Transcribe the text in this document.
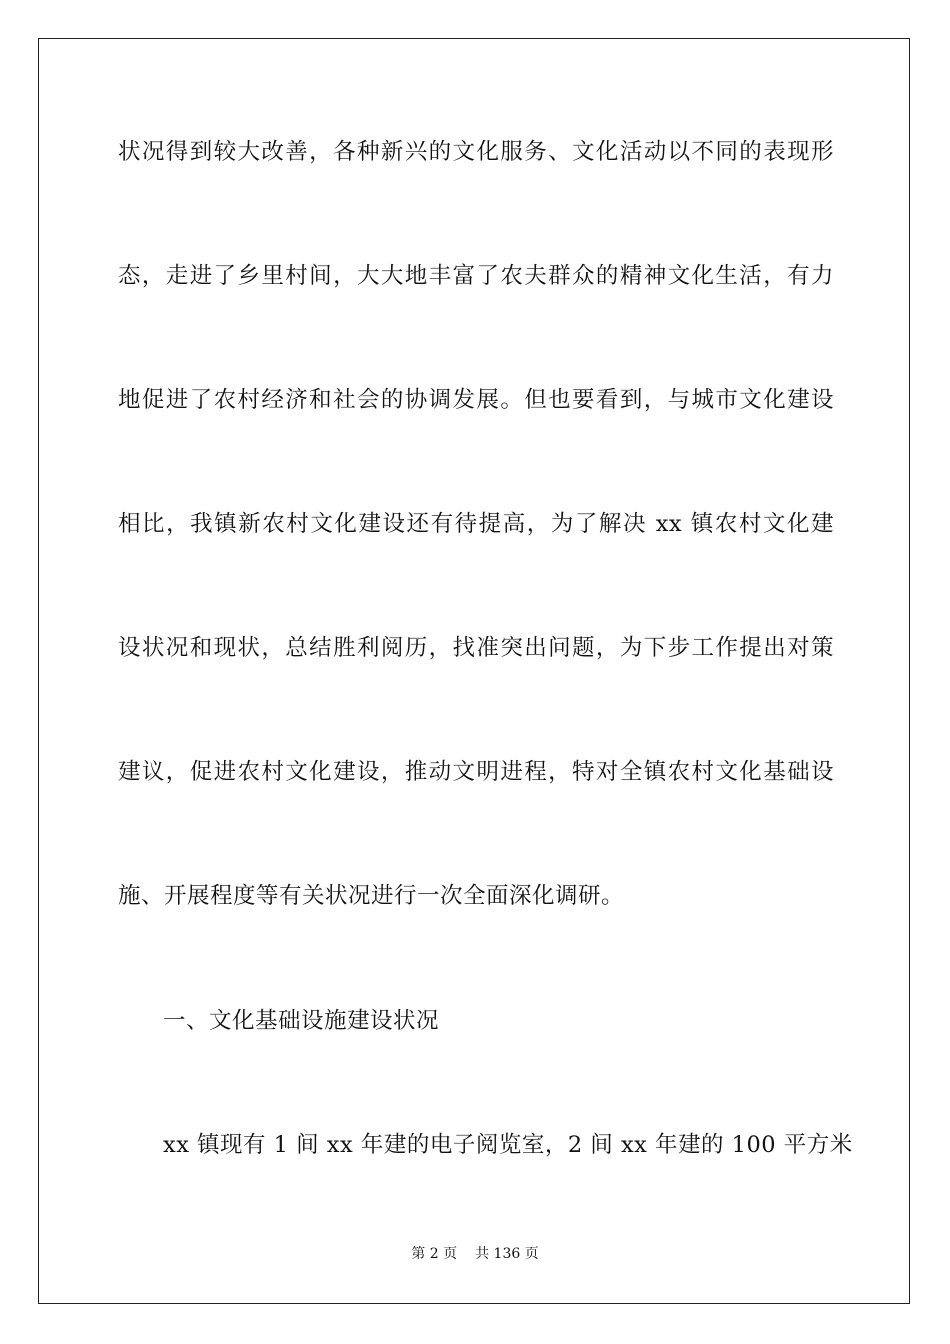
状况得到较大改善，各种新兴的文化服务、文化活动以不同的表现形
态，走进了乡里村间，大大地丰富了农夫群众的精神文化生活，有力
地促进了农村经济和社会的协调发展。但也要看到，与城市文化建设
相比，我镇新农村文化建设还有待提高，为了解决 xx 镇农村文化建
设状况和现状，总结胜利阅历，找准突出问题，为下步工作提出对策
建议，促进农村文化建设，推动文明进程，特对全镇农村文化基础设
施、开展程度等有关状况进行一次全面深化调研。
一、文化基础设施建设状况
xx 镇现有 1 间 xx 年建的电子阅览室，2 间 xx 年建的 100 平方米
第 2 页 共 136 页
